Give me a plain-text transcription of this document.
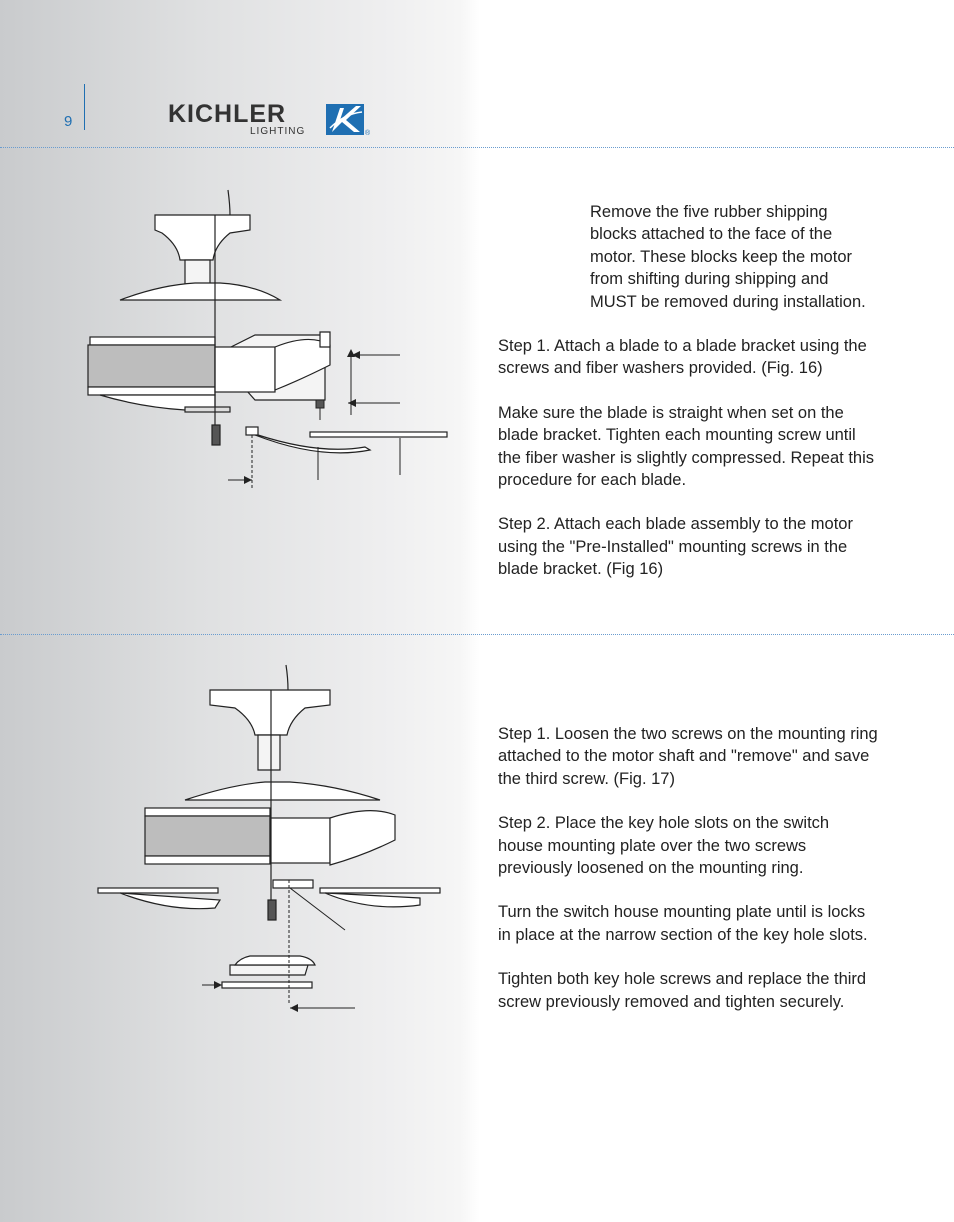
9	KICHLER
LIGHTING	®

Remove the five rubber shipping blocks attached to the face of the motor. These blocks keep the motor from shifting during shipping and MUST be removed during installation.

Step 1. Attach a blade to a blade bracket using the screws and fiber washers provided. (Fig. 16)

Make sure the blade is straight when set on the blade bracket. Tighten each mounting screw until the fiber washer is slightly compressed. Repeat this procedure for each blade.

Step 2. Attach each blade assembly to the motor using the "Pre-Installed" mounting screws in the blade bracket. (Fig 16)

Step 1. Loosen the two screws on the mounting ring attached to the motor shaft and "remove" and save the third screw. (Fig. 17)

Step 2. Place the key hole slots on the switch house mounting plate over the two screws previously loosened on the mounting ring.

Turn the switch house mounting plate until is locks in place at the narrow section of the key hole slots.

Tighten both key hole screws and replace the third screw previously removed and tighten securely.
